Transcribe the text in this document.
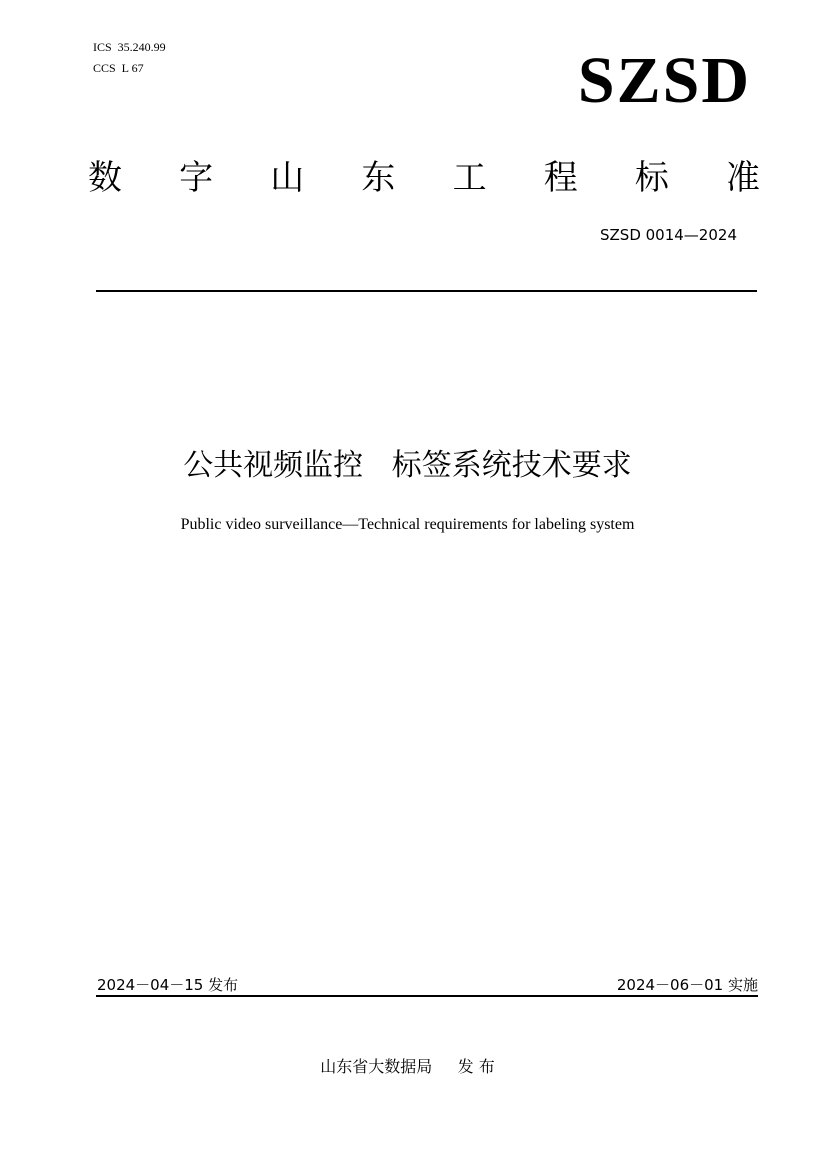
ICS  35.240.99
CCS  L 67	SZSD
数 字 山 东 工 程 标 准
SZSD 0014—2024
公共视频监控   标签系统技术要求
Public video surveillance—Technical requirements for labeling system
2024－04－15 发布	2024－06－01 实施
山东省大数据局     发 布
